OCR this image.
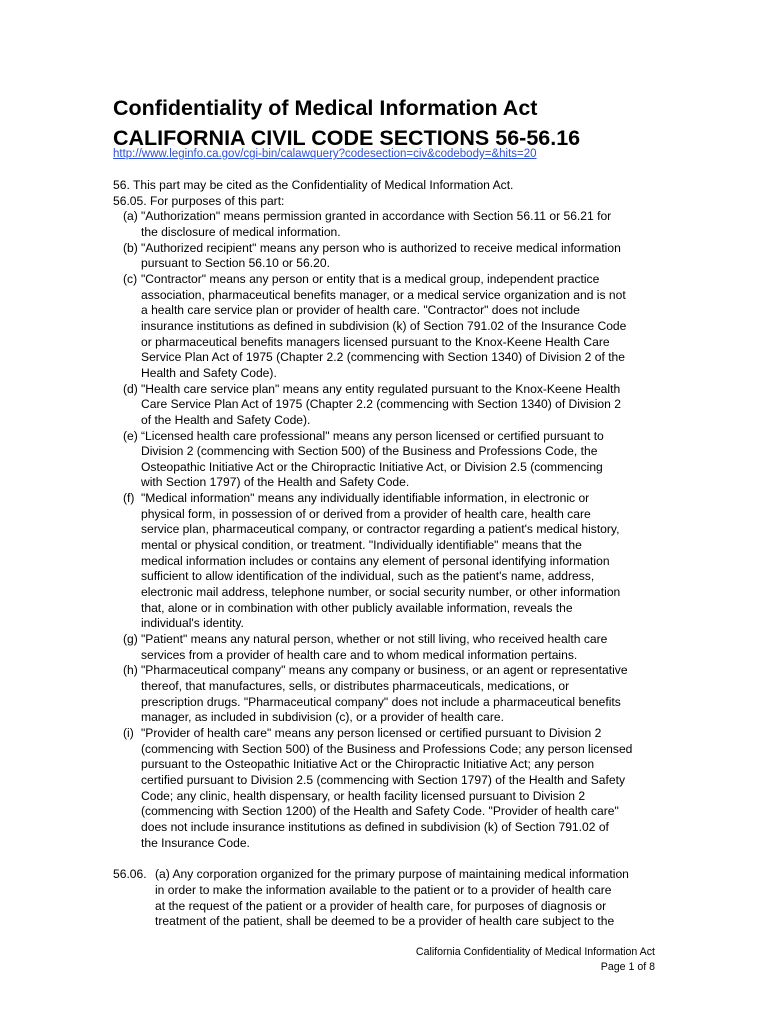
Confidentiality of Medical Information Act
CALIFORNIA CIVIL CODE SECTIONS 56-56.16
http://www.leginfo.ca.gov/cgi-bin/calawquery?codesection=civ&codebody=&hits=20

56. This part may be cited as the Confidentiality of Medical Information Act.

56.05. For purposes of this part:

(a) "Authorization" means permission granted in accordance with Section 56.11 or 56.21 for
the disclosure of medical information.
(b) "Authorized recipient" means any person who is authorized to receive medical information
pursuant to Section 56.10 or 56.20.
(c) "Contractor" means any person or entity that is a medical group, independent practice
association, pharmaceutical benefits manager, or a medical service organization and is not
a health care service plan or provider of health care. "Contractor" does not include
insurance institutions as defined in subdivision (k) of Section 791.02 of the Insurance Code
or pharmaceutical benefits managers licensed pursuant to the Knox-Keene Health Care
Service Plan Act of 1975 (Chapter 2.2 (commencing with Section 1340) of Division 2 of the
Health and Safety Code).
(d) "Health care service plan" means any entity regulated pursuant to the Knox-Keene Health
Care Service Plan Act of 1975 (Chapter 2.2 (commencing with Section 1340) of Division 2
of the Health and Safety Code).
(e) “Licensed health care professional" means any person licensed or certified pursuant to
Division 2 (commencing with Section 500) of the Business and Professions Code, the
Osteopathic Initiative Act or the Chiropractic Initiative Act, or Division 2.5 (commencing
with Section 1797) of the Health and Safety Code.
(f) "Medical information" means any individually identifiable information, in electronic or
physical form, in possession of or derived from a provider of health care, health care
service plan, pharmaceutical company, or contractor regarding a patient's medical history,
mental or physical condition, or treatment. "Individually identifiable" means that the
medical information includes or contains any element of personal identifying information
sufficient to allow identification of the individual, such as the patient's name, address,
electronic mail address, telephone number, or social security number, or other information
that, alone or in combination with other publicly available information, reveals the
individual's identity.
(g) "Patient" means any natural person, whether or not still living, who received health care
services from a provider of health care and to whom medical information pertains.
(h) "Pharmaceutical company" means any company or business, or an agent or representative
thereof, that manufactures, sells, or distributes pharmaceuticals, medications, or
prescription drugs. "Pharmaceutical company" does not include a pharmaceutical benefits
manager, as included in subdivision (c), or a provider of health care.
(i) "Provider of health care" means any person licensed or certified pursuant to Division 2
(commencing with Section 500) of the Business and Professions Code; any person licensed
pursuant to the Osteopathic Initiative Act or the Chiropractic Initiative Act; any person
certified pursuant to Division 2.5 (commencing with Section 1797) of the Health and Safety
Code; any clinic, health dispensary, or health facility licensed pursuant to Division 2
(commencing with Section 1200) of the Health and Safety Code. "Provider of health care"
does not include insurance institutions as defined in subdivision (k) of Section 791.02 of
the Insurance Code.
56.06. (a) Any corporation organized for the primary purpose of maintaining medical information
in order to make the information available to the patient or to a provider of health care
at the request of the patient or a provider of health care, for purposes of diagnosis or
treatment of the patient, shall be deemed to be a provider of health care subject to the
California Confidentiality of Medical Information Act
Page 1 of 8
